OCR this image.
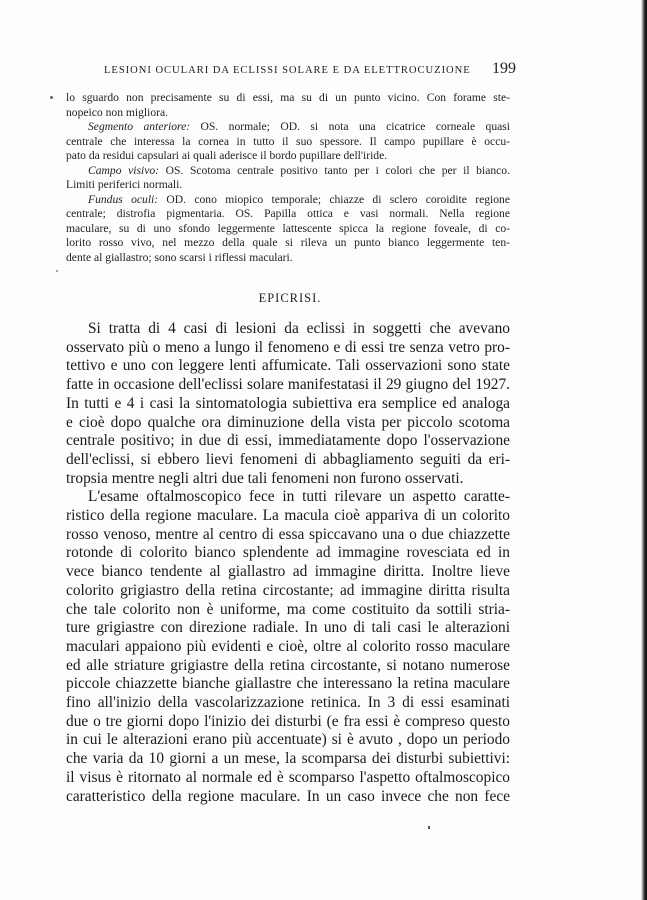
LESIONI OCULARI DA ECLISSI SOLARE E DA ELETTROCUZIONE 199

lo sguardo non precisamente su di essi, ma su di un punto vicino. Con forame ste-
nopeico non migliora.

Segmento anteriore: OS. normale; OD. si nota una cicatrice corneale quasi
centrale che interessa la cornea in tutto il suo spessore. Il campo pupillare è occu-
pato da residui capsulari ai quali aderisce il bordo pupillare dell'iride.

Campo visivo: OS. Scotoma centrale positivo tanto per i colori che per il bianco.
Limiti periferici normali.

Fundus oculi: OD. cono miopico temporale; chiazze di sclero coroidite regione
centrale; distrofia pigmentaria. OS. Papilla ottica e vasi normali. Nella regione
maculare, su di uno sfondo leggermente lattescente spicca la regione foveale, di co-
lorito rosso vivo, nel mezzo della quale si rileva un punto bianco leggermente ten-
dente al giallastro; sono scarsi i riflessi maculari.

EPICRISI.
Si tratta di 4 casi di lesioni da eclissi in soggetti che avevano
osservato più o meno a lungo il fenomeno e di essi tre senza vetro pro-
tettivo e uno con leggere lenti affumicate. Tali osservazioni sono state
fatte in occasione dell'eclissi solare manifestatasi il 29 giugno del 1927.
In tutti e 4 i casi la sintomatologia subiettiva era semplice ed analoga
e cioè dopo qualche ora diminuzione della vista per piccolo scotoma
centrale positivo; in due di essi, immediatamente dopo l'osservazione
dell'eclissi, si ebbero lievi fenomeni di abbagliamento seguiti da eri-
tropsia mentre negli altri due tali fenomeni non furono osservati.
L'esame oftalmoscopico fece in tutti rilevare un aspetto caratte-
ristico della regione maculare. La macula cioè appariva di un colorito
rosso venoso, mentre al centro di essa spiccavano una o due chiazzette
rotonde di colorito bianco splendente ad immagine rovesciata ed in
vece bianco tendente al giallastro ad immagine diritta. Inoltre lieve
colorito grigiastro della retina circostante; ad immagine diritta risulta
che tale colorito non è uniforme, ma come costituito da sottili stria-
ture grigiastre con direzione radiale. In uno di tali casi le alterazioni
maculari appaiono più evidenti e cioè, oltre al colorito rosso maculare
ed alle striature grigiastre della retina circostante, si notano numerose
piccole chiazzette bianche giallastre che interessano la retina maculare
fino all'inizio della vascolarizzazione retinica. In 3 di essi esaminati
due o tre giorni dopo l'inizio dei disturbi (e fra essi è compreso questo
in cui le alterazioni erano più accentuate) si è avuto , dopo un periodo
che varia da 10 giorni a un mese, la scomparsa dei disturbi subiettivi:
il visus è ritornato al normale ed è scomparso l'aspetto oftalmoscopico
caratteristico della regione maculare. In un caso invece che non fece
